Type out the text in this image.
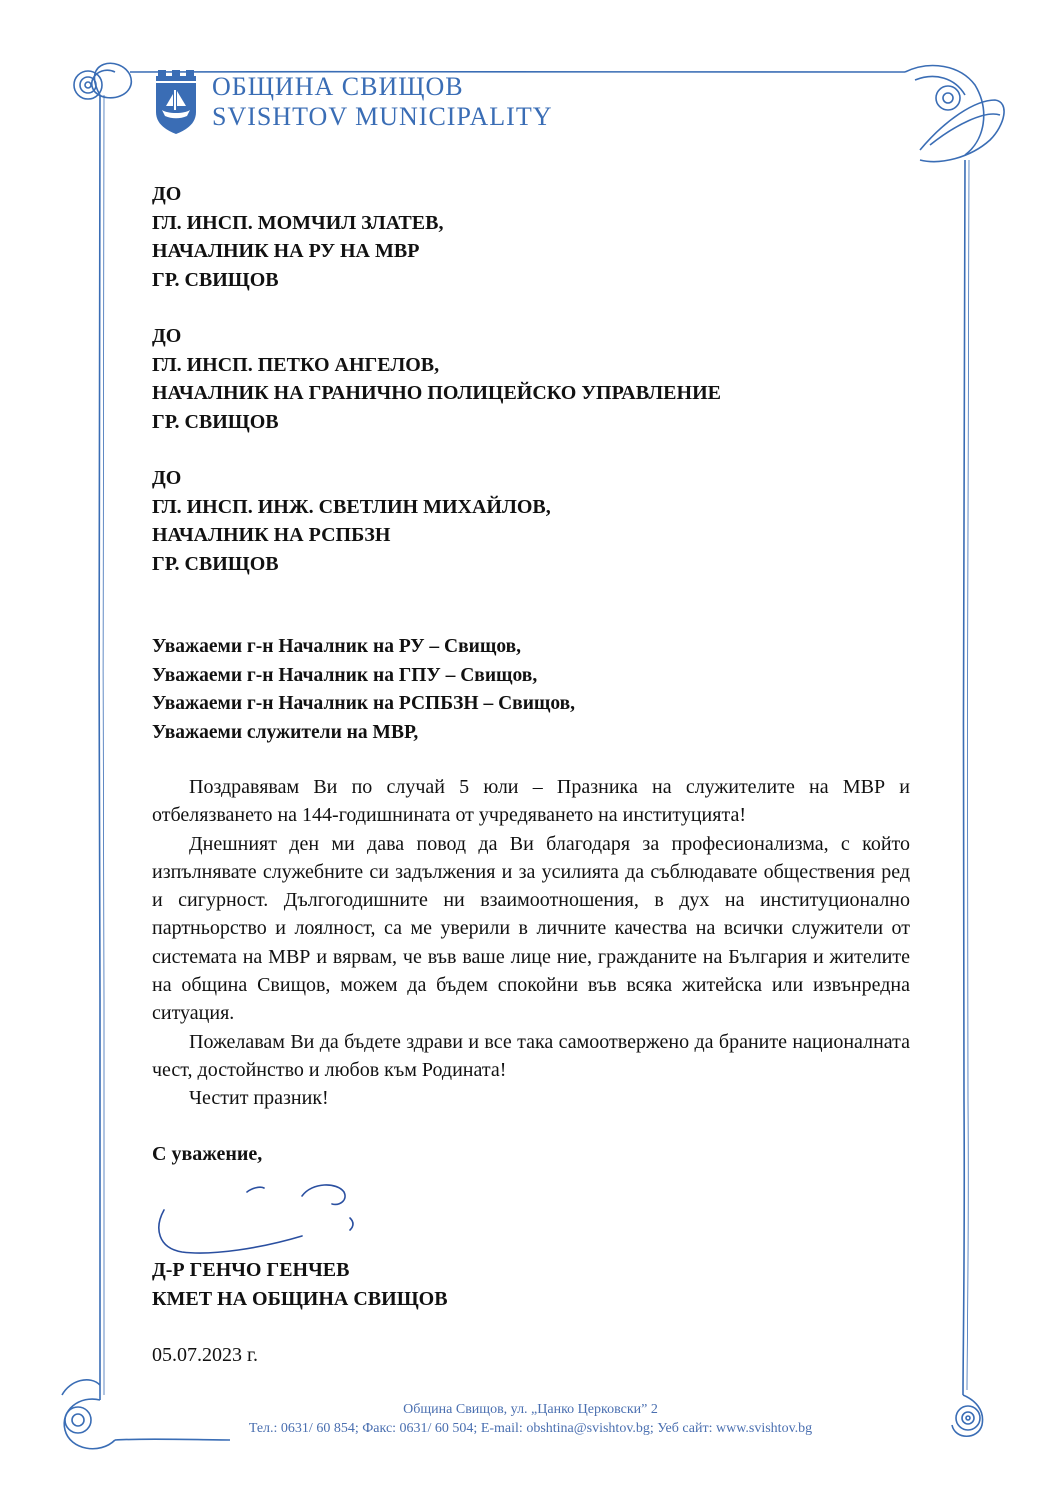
ОБЩИНА СВИЩОВ
SVISHTOV MUNICIPALITY
ДО
ГЛ. ИНСП. МОМЧИЛ ЗЛАТЕВ,
НАЧАЛНИК НА РУ НА МВР
ГР. СВИЩОВ
ДО
ГЛ. ИНСП. ПЕТКО АНГЕЛОВ,
НАЧАЛНИК НА ГРАНИЧНО ПОЛИЦЕЙСКО УПРАВЛЕНИЕ
ГР. СВИЩОВ
ДО
ГЛ. ИНСП. ИНЖ. СВЕТЛИН МИХАЙЛОВ,
НАЧАЛНИК НА РСПБЗН
ГР. СВИЩОВ
Уважаеми г-н Началник на РУ – Свищов,
Уважаеми г-н Началник на ГПУ – Свищов,
Уважаеми г-н Началник на РСПБЗН – Свищов,
Уважаеми служители на МВР,

Поздравявам Ви по случай 5 юли – Празника на служителите на МВР и отбелязването на 144-годишнината от учредяването на институцията!

Днешният ден ми дава повод да Ви благодаря за професионализма, с който изпълнявате служебните си задължения и за усилията да съблюдавате обществения ред и сигурност. Дългогодишните ни взаимоотношения, в дух на институционално партньорство и лоялност, са ме уверили в личните качества на всички служители от системата на МВР и вярвам, че във ваше лице ние, гражданите на България и жителите на община Свищов, можем да бъдем спокойни във всяка житейска или извънредна ситуация.

Пожелавам Ви да бъдете здрави и все така самоотвержено да браните националната чест, достойнство и любов към Родината!

Честит празник!

С уважение,
Д-Р ГЕНЧО ГЕНЧЕВ
КМЕТ НА ОБЩИНА СВИЩОВ
05.07.2023 г.
Община Свищов, ул. „Цанко Церковски” 2
Тел.: 0631/ 60 854; Факс: 0631/ 60 504; E-mail: obshtina@svishtov.bg; Уеб сайт: www.svishtov.bg
